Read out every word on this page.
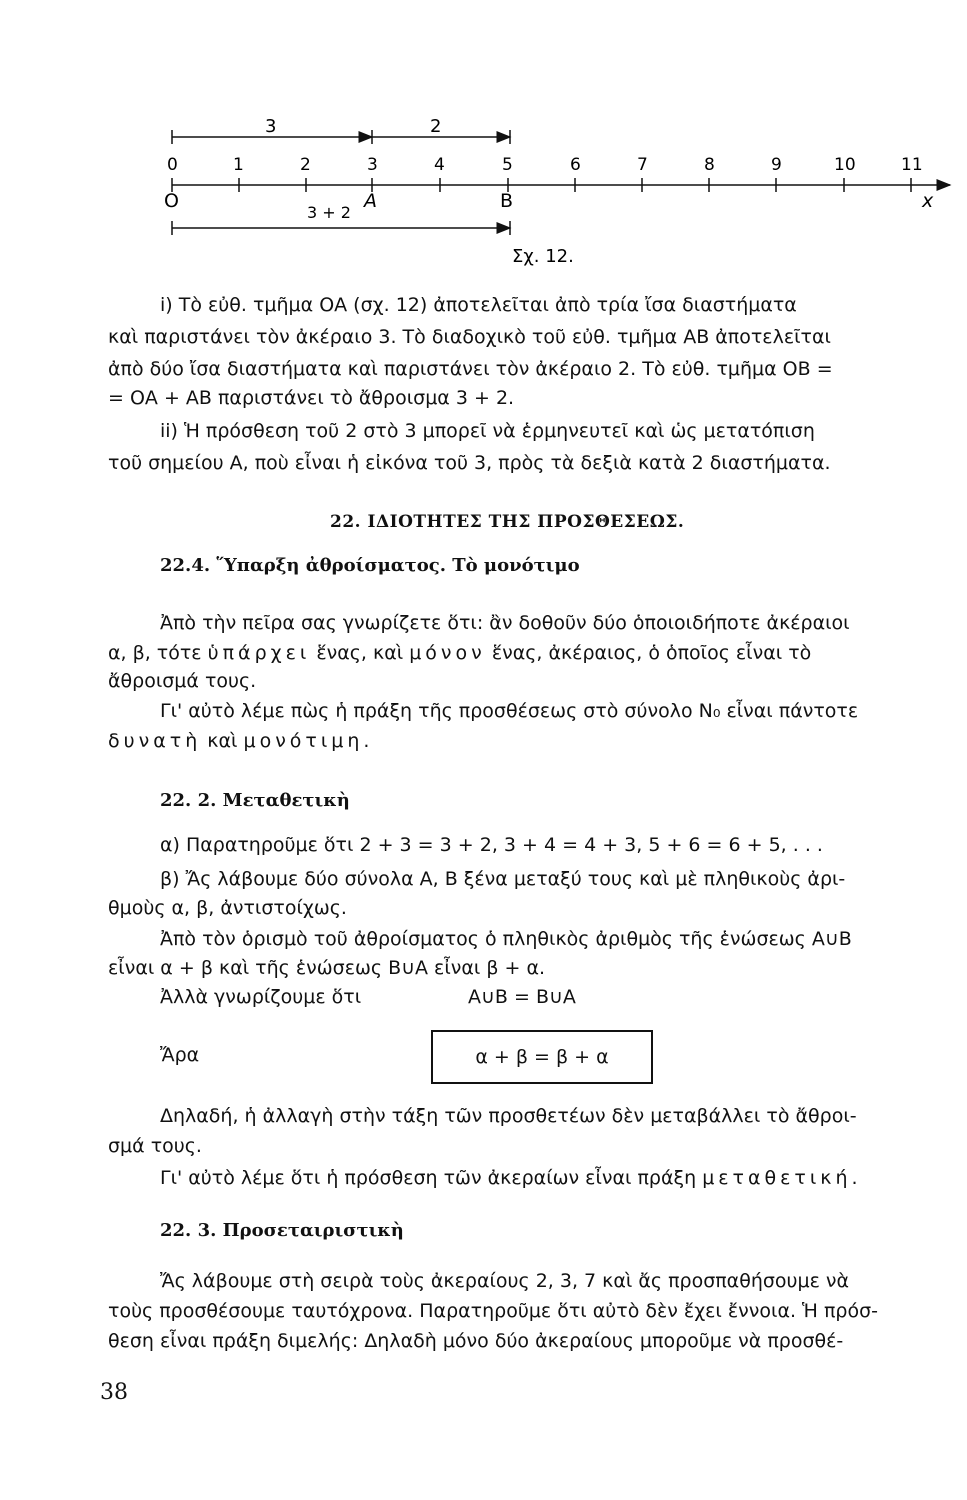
3	2
0	1	2	3	4	5	6	7	8	9	10	11
O	A	B	x
3 + 2
Σχ. 12.
i) Τὸ εὐθ. τμῆμα ΟΑ (σχ. 12) ἀποτελεῖται ἀπὸ τρία ἴσα διαστήματα
καὶ παριστάνει τὸν ἀκέραιο 3. Τὸ διαδοχικὸ τοῦ εὐθ. τμῆμα ΑΒ ἀποτελεῖται
ἀπὸ δύο ἴσα διαστήματα καὶ παριστάνει τὸν ἀκέραιο 2. Τὸ εὐθ. τμῆμα ΟΒ =
= ΟΑ + ΑΒ παριστάνει τὸ ἄθροισμα 3 + 2.
ii) Ἡ πρόσθεση τοῦ 2 στὸ 3 μπορεῖ νὰ ἑρμηνευτεῖ καὶ ὡς μετατόπιση
τοῦ σημείου Α, ποὺ εἶναι ἡ εἰκόνα τοῦ 3, πρὸς τὰ δεξιὰ κατὰ 2 διαστήματα.
22. ΙΔΙΟΤΗΤΕΣ ΤΗΣ ΠΡΟΣΘΕΣΕΩΣ.
22.4. Ὕπαρξη ἀθροίσματος. Τὸ μονότιμο
Ἀπὸ τὴν πεῖρα σας γνωρίζετε ὅτι: ἂν δοθοῦν δύο ὁποιοιδήποτε ἀκέραιοι
α, β, τότε ὑπάρχει ἕνας, καὶ μόνον ἕνας, ἀκέραιος, ὁ ὁποῖος εἶναι τὸ
ἄθροισμά τους.
Γι' αὐτὸ λέμε πὼς ἡ πράξη τῆς προσθέσεως στὸ σύνολο N₀ εἶναι πάντοτε
δυνατὴ καὶ μονότιμη.
22. 2. Μεταθετικὴ
α) Παρατηροῦμε ὅτι 2 + 3 = 3 + 2, 3 + 4 = 4 + 3, 5 + 6 = 6 + 5, . . .
β) Ἄς λάβουμε δύο σύνολα Α, Β ξένα μεταξύ τους καὶ μὲ πληθικοὺς ἀρι-
θμοὺς α, β, ἀντιστοίχως.
Ἀπὸ τὸν ὁρισμὸ τοῦ ἀθροίσματος ὁ πληθικὸς ἀριθμὸς τῆς ἑνώσεως Α∪Β
εἶναι α + β καὶ τῆς ἑνώσεως Β∪Α εἶναι β + α.
Ἀλλὰ γνωρίζουμε ὅτι	Α∪Β = Β∪Α
Ἄρα	α + β = β + α
Δηλαδή, ἡ ἀλλαγὴ στὴν τάξη τῶν προσθετέων δὲν μεταβάλλει τὸ ἄθροι-
σμά τους.
Γι' αὐτὸ λέμε ὅτι ἡ πρόσθεση τῶν ἀκεραίων εἶναι πράξη μεταθετική.
22. 3. Προσεταιριστικὴ
Ἄς λάβουμε στὴ σειρὰ τοὺς ἀκεραίους 2, 3, 7 καὶ ἄς προσπαθήσουμε νὰ
τοὺς προσθέσουμε ταυτόχρονα. Παρατηροῦμε ὅτι αὐτὸ δὲν ἔχει ἔννοια. Ἡ πρόσ-
θεση εἶναι πράξη διμελής: Δηλαδὴ μόνο δύο ἀκεραίους μποροῦμε νὰ προσθέ-
38
